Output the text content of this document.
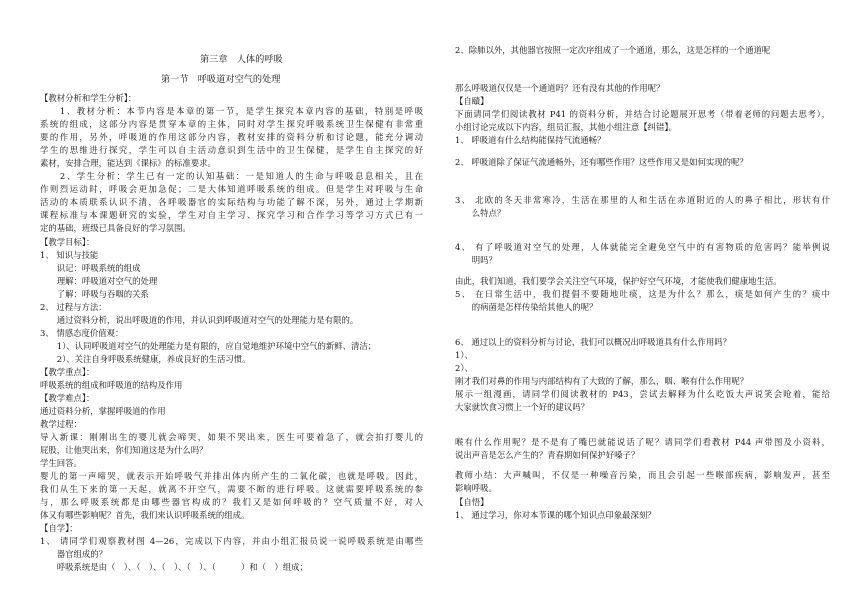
第三章　人体的呼吸
第一节　呼吸道对空气的处理
【教材分析和学生分析】：
　　1、教材分析：本节内容是本章的第一节，是学生探究本章内容的基础，特别是呼吸
系统的组成，这部分内容是贯穿本章的主体，同时对学生探究呼吸系统卫生保健有非常重
要的作用，另外，呼吸道的作用这部分内容，教材安排的资料分析和讨论题，能充分调动
学生的思维进行探究，学生可以自主活动意识到生活中的卫生保健，是学生自主探究的好
素材，安排合理，能达到《课标》的标准要求。
　　2、学生分析：学生已有一定的认知基础：一是知道人的生命与呼吸息息相关，且在
作则烈运动时，呼吸会更加急促；二是大体知道呼吸系统的组成。但是学生对呼吸与生命
活动的本质联系认识不清，各呼吸器官的实际结构与功能了解不深，另外，通过上学期新
课程标准与本课题研究的实验，学生对自主学习、探究学习和合作学习等学习方式已有一
定的基础，班级已具备良好的学习氛围。
【教学目标】：
1、 知识与技能
　　识记：呼吸系统的组成
　　理解：呼吸道对空气的处理
　　了解：呼吸与吞咽的关系
2、 过程与方法：
　　通过资料分析，说出呼吸道的作用，并认识到呼吸道对空气的处理能力是有限的。
3、 情感态度价值观：
　　1）、认同呼吸道对空气的处理能力是有限的，应自觉地维护环境中空气的新鲜、清洁；
　　2）、关注自身呼吸系统健康，养成良好的生活习惯。
【教学重点】：
呼吸系统的组成和呼吸道的结构及作用
【教学难点】：
通过资料分析，掌握呼吸道的作用
教学过程：
导入新课：刚刚出生的婴儿就会啼哭，如果不哭出来，医生可要着急了，就会拍打婴儿的
屁股，让他哭出来，你们知道这是为什么吗？
学生回答。
婴儿的第一声啼哭，就表示开始呼吸气并排出体内所产生的二氧化碳，也就是呼吸。因此，
我们从生下来的第一天起，就离不开空气，需要不断的进行呼吸。这就需要呼吸系统的参
与，那么呼吸系统都是由哪些器官构成的？我们又是如何呼吸的？空气质量不好，对人
体又有哪些影响呢？首先，我们来认识呼吸系统的组成。
【自学】：
1、 请同学们观察教材图 4—26，完成以下内容，并由小组汇报员说一说呼吸系统是由哪些
　　器官组成的？
　　呼吸系统是由（　）、（　）、（　）、（　）、（　　　）和（　）组成；
2、除肺以外，其他器官按照一定次序组成了一个通道，那么，这是怎样的一个通道呢
那么呼吸道仅仅是一个通道吗？还有没有其他的作用呢？
【自賾】
下面请同学们阅读教材 P41 的资料分析，并结合讨论题展开思考（带着老师的问题去思考），
小组讨论完成以下内容，组员汇报，其他小组注意【纠错】。
1、 呼吸道有什么结构能保持气流通畅？
2、 呼吸道除了保证气流通畅外，还有哪些作用？这些作用又是如何实现的呢？
3、 北欧的冬天非常寒冷，生活在那里的人和生活在赤道附近的人的鼻子相比，形状有什
　　么特点？
4、 有了呼吸道对空气的处理，人体就能完全避免空气中的有害物质的危害吗？能举例说
　　明吗？
由此，我们知道，我们要学会关注空气环境，保护好空气环境，才能使我们健康地生活。
5、 在日常生活中，我们提倡不要随地吐痰，这是为什么？那么，痰是如何产生的？痰中
　　的病菌是怎样传染给其他人的呢？
6、 通过以上的资料分析与讨论，我们可以概况出呼吸道具有什么作用吗？
1）、
2）、
刚才我们对鼻的作用与内部结构有了大致的了解，那么，咽、喉有什么作用呢？
展示一组漫画，请同学们阅读教材的 P43，尝试去解释为什么吃饭大声说笑会呛着，能给
大家就饮食习惯上一个好的建议吗？
喉有什么作用呢？是不是有了嘴巴就能说话了呢？请同学们看教材 P44 声带图及小资料，
说出声音是怎么产生的？青春期如何保护好嗓子？
教师小结：大声喊叫，不仅是一种噪音污染，而且会引起一些喉部疾病，影响发声，甚至
影响呼吸。
【自悟】
1、 通过学习，你对本节课的哪个知识点印象最深刻？
